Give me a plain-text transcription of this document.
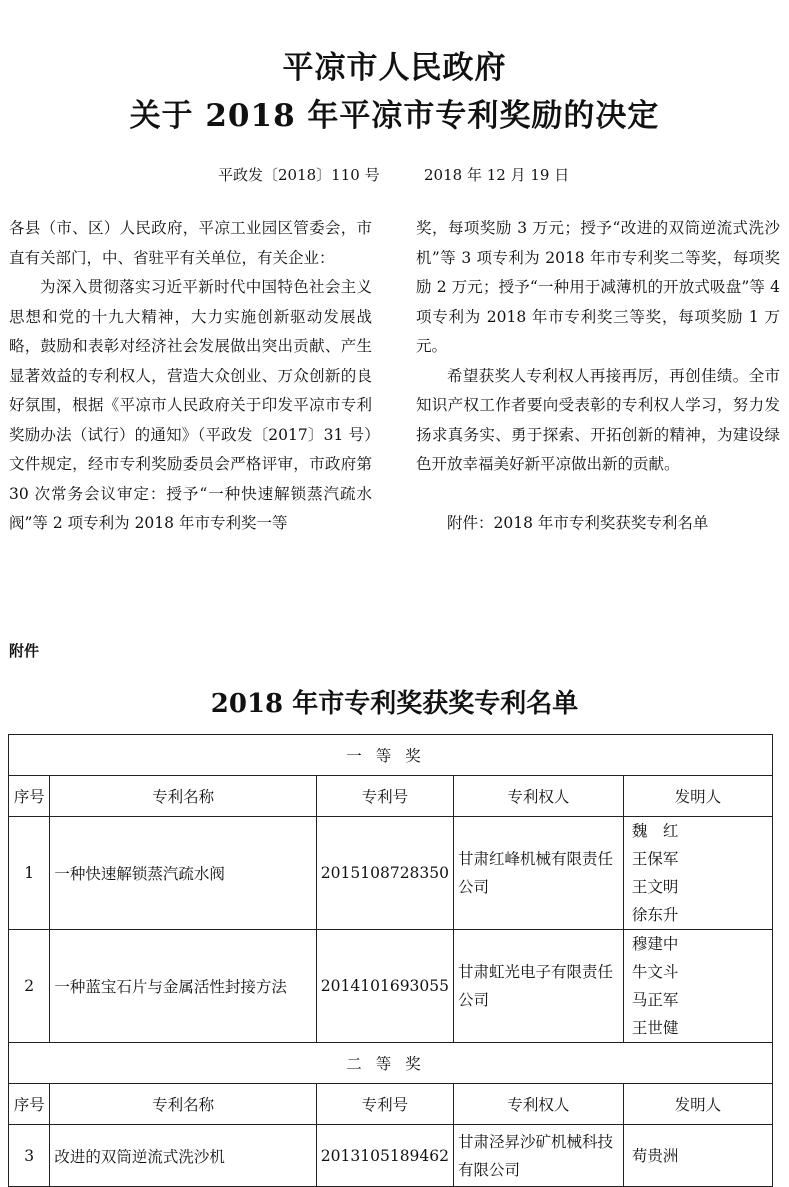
平凉市人民政府
关于 2018 年平凉市专利奖励的决定
平政发〔2018〕110 号	2018 年 12 月 19 日

各县（市、区）人民政府，平凉工业园区管委会，市直有关部门，中、省驻平有关单位，有关企业：

为深入贯彻落实习近平新时代中国特色社会主义思想和党的十九大精神，大力实施创新驱动发展战略，鼓励和表彰对经济社会发展做出突出贡献、产生显著效益的专利权人，营造大众创业、万众创新的良好氛围，根据《平凉市人民政府关于印发平凉市专利奖励办法（试行）的通知》（平政发〔2017〕31 号）文件规定，经市专利奖励委员会严格评审，市政府第 30 次常务会议审定：授予“一种快速解锁蒸汽疏水阀”等 2 项专利为 2018 年市专利奖一等

奖，每项奖励 3 万元；授予“改进的双筒逆流式洗沙机”等 3 项专利为 2018 年市专利奖二等奖，每项奖励 2 万元；授予“一种用于减薄机的开放式吸盘”等 4 项专利为 2018 年市专利奖三等奖，每项奖励 1 万元。

希望获奖人专利权人再接再厉，再创佳绩。全市知识产权工作者要向受表彰的专利权人学习，努力发扬求真务实、勇于探索、开拓创新的精神，为建设绿色开放幸福美好新平凉做出新的贡献。

附件：2018 年市专利奖获奖专利名单

附件
2018 年市专利奖获奖专利名单
一等奖				
序号	专利名称	专利号	专利权人	发明人
1	一种快速解锁蒸汽疏水阀	2015108728350	甘肃红峰机械有限责任公司	魏　红王保军王文明徐东升
2	一种蓝宝石片与金属活性封接方法	2014101693055	甘肃虹光电子有限责任公司	穆建中牛文斗马正军王世健
二等奖				
序号	专利名称	专利号	专利权人	发明人
3	改进的双筒逆流式洗沙机	2013105189462	甘肃泾昇沙矿机械科技有限公司	苟贵洲
